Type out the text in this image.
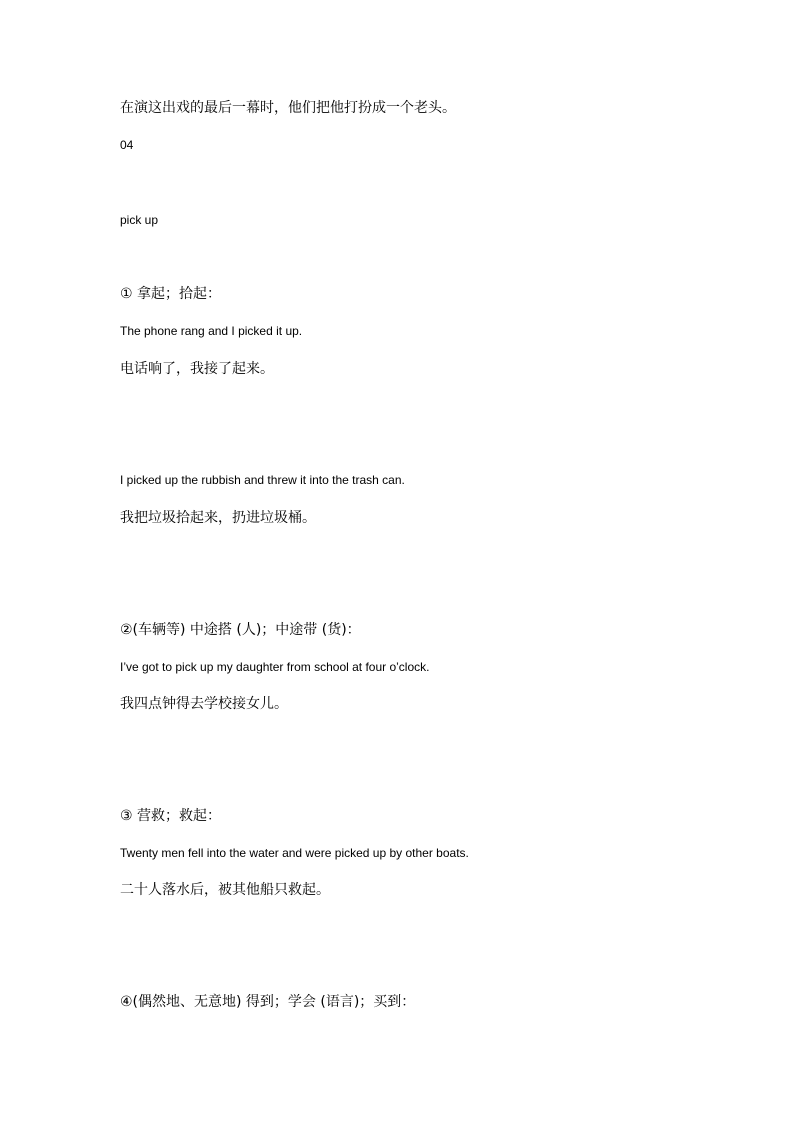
在演这出戏的最后一幕时，他们把他打扮成一个老头。
04
pick up
① 拿起；拾起：
The phone rang and I picked it up.
电话响了，我接了起来。
I picked up the rubbish and threw it into the trash can.
我把垃圾拾起来，扔进垃圾桶。
②(车辆等) 中途搭 (人)；中途带 (货)：
I’ve got to pick up my daughter from school at four o’clock.
我四点钟得去学校接女儿。
③ 营救；救起：
Twenty men fell into the water and were picked up by other boats.
二十人落水后，被其他船只救起。
④(偶然地、无意地) 得到；学会 (语言)；买到：
